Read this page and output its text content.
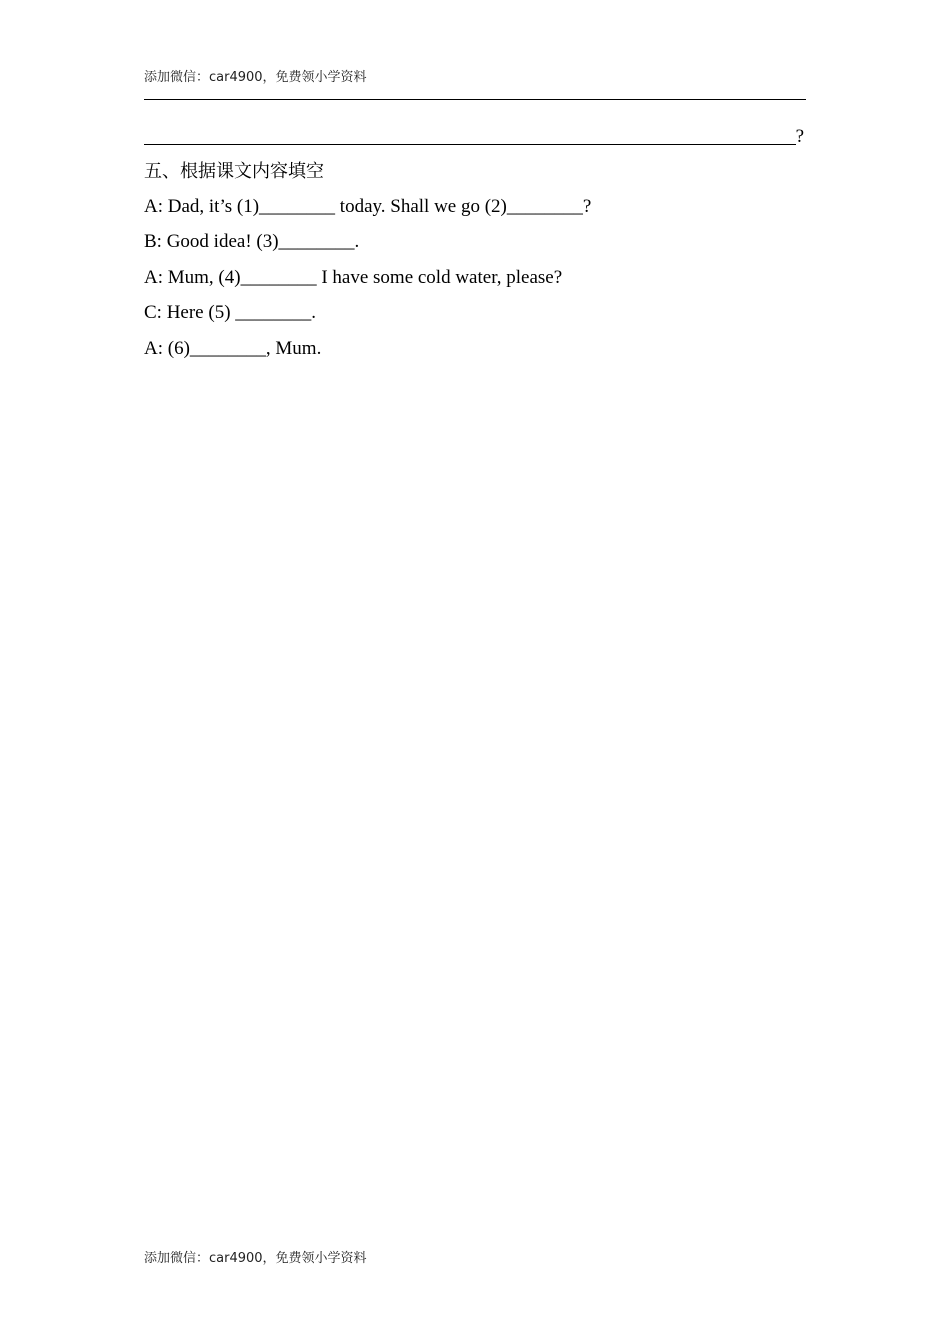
添加微信：car4900，免费领小学资料
?
五、根据课文内容填空
A: Dad, it’s (1)________ today. Shall we go (2)________?
B: Good idea! (3)________.
A: Mum, (4)________ I have some cold water, please?
C: Here (5) ________.
A: (6)________, Mum.
添加微信：car4900，免费领小学资料
